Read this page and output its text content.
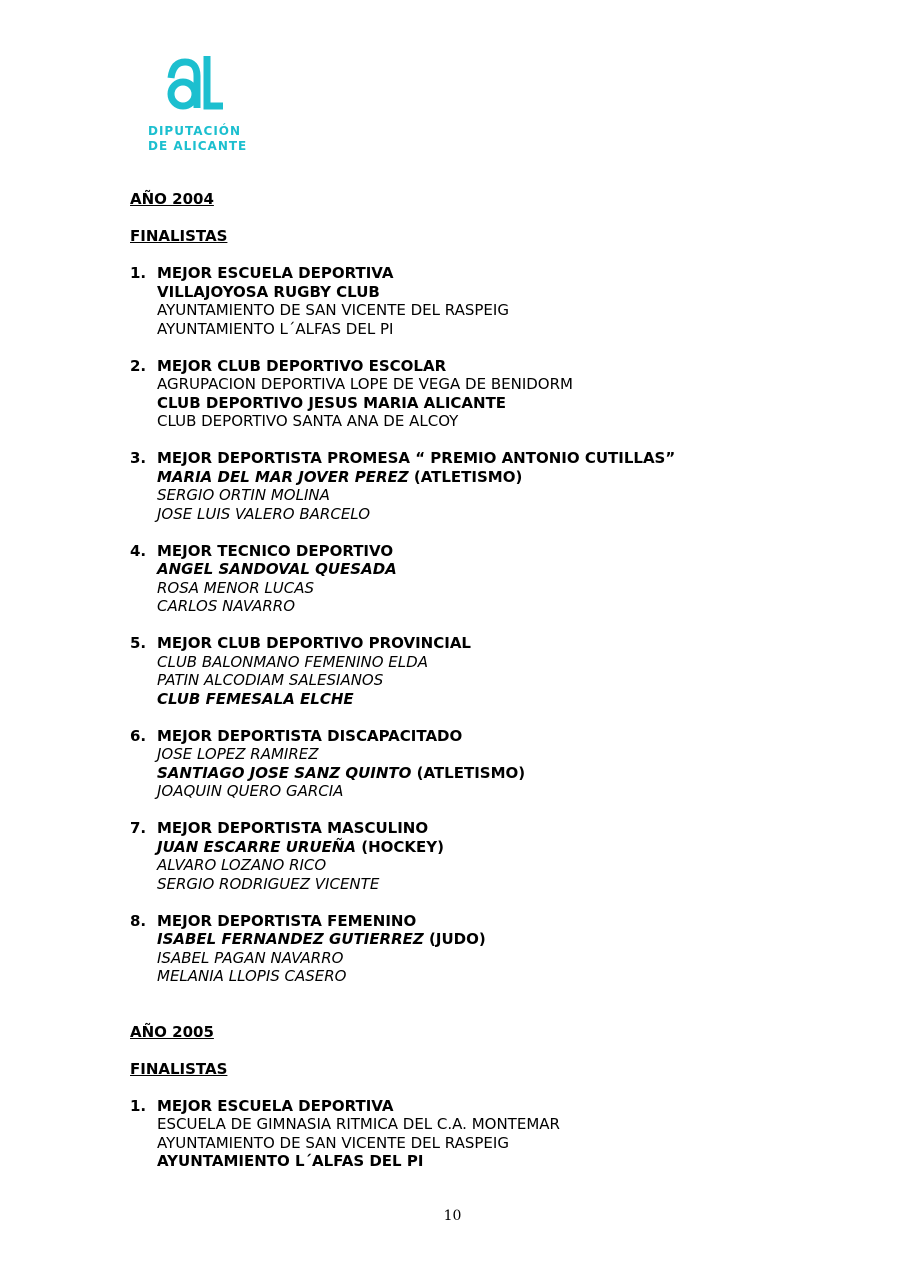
DIPUTACIÓN
DE ALICANTE
AÑO 2004
FINALISTAS
1. MEJOR ESCUELA DEPORTIVA
VILLAJOYOSA RUGBY CLUB
AYUNTAMIENTO DE SAN VICENTE DEL RASPEIG
AYUNTAMIENTO L´ALFAS DEL PI
2. MEJOR CLUB DEPORTIVO ESCOLAR
AGRUPACION DEPORTIVA LOPE DE VEGA DE BENIDORM
CLUB DEPORTIVO JESUS MARIA ALICANTE
CLUB DEPORTIVO SANTA ANA DE ALCOY
3. MEJOR DEPORTISTA PROMESA “ PREMIO ANTONIO CUTILLAS”
MARIA DEL MAR JOVER PEREZ (ATLETISMO)
SERGIO ORTIN MOLINA
JOSE LUIS VALERO BARCELO
4. MEJOR TECNICO DEPORTIVO
ANGEL SANDOVAL QUESADA
ROSA MENOR LUCAS
CARLOS NAVARRO
5. MEJOR CLUB DEPORTIVO PROVINCIAL
CLUB BALONMANO FEMENINO ELDA
PATIN ALCODIAM SALESIANOS
CLUB FEMESALA ELCHE
6. MEJOR DEPORTISTA DISCAPACITADO
JOSE LOPEZ RAMIREZ
SANTIAGO JOSE SANZ QUINTO (ATLETISMO)
JOAQUIN QUERO GARCIA
7. MEJOR DEPORTISTA MASCULINO
JUAN ESCARRE URUEÑA (HOCKEY)
ALVARO LOZANO RICO
SERGIO RODRIGUEZ VICENTE
8. MEJOR DEPORTISTA FEMENINO
ISABEL FERNANDEZ GUTIERREZ (JUDO)
ISABEL PAGAN NAVARRO
MELANIA LLOPIS CASERO
AÑO 2005
FINALISTAS
1. MEJOR ESCUELA DEPORTIVA
ESCUELA DE GIMNASIA RITMICA DEL C.A. MONTEMAR
AYUNTAMIENTO DE SAN VICENTE DEL RASPEIG
AYUNTAMIENTO L´ALFAS DEL PI
10
